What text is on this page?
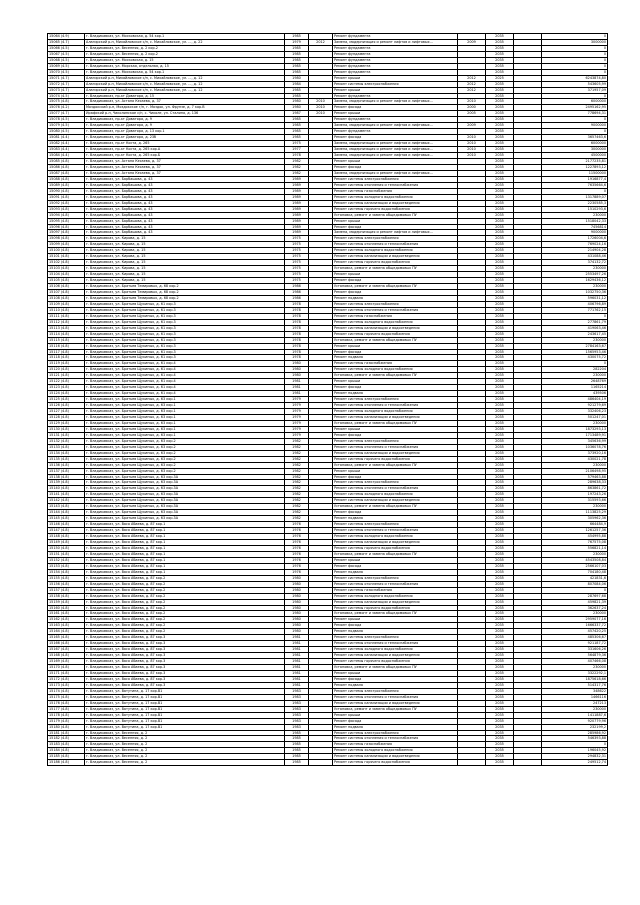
15064 (4.9)	г. Владикавказ, ул. Московская, д. 54 кор.1	1985		Ремонт фундамента		2035		0
15065 (4.7)	Алагирский р-н, Михайловское с/п, с. Михайловское, ул. ..., д. 22	1979	2012	Замена, модернизация и ремонт лифтов и лифтовых...	2009	2035		3000000
15066 (4.5)	г. Владикавказ, ул. Весенняя, д. 2 кор.2	1985		Ремонт фундамента		2035		0
15067 (4.5)	г. Владикавказ, ул. Весенняя, д. 2 кор.2	1985		Ремонт фундамента		2035		0
15068 (4.5)	г. Владикавказ, ул. Московская, д. 15	1985		Ремонт фундамента		2035		0
15069 (4.5)	г. Владикавказ, ул. Морская, отдельная, д. 15	1985		Ремонт фундамента		2035		0
15070 (4.5)	г. Владикавказ, ул. Московская, д. 54 кор.1	1985		Ремонт фундамента		2035		0
15071 (4.7)	Алагирский р-н, Михайловское с/п, с. Михайловское, ул. ..., д. 12	1980		Ремонт крыши	2012	2025		6243874,80
15072 (4.7)	Алагирский р-н, Михайловское с/п, с. Михайловское, ул. ..., д. 12	1984		Ремонт системы электроснабжения	2012	2035		543605,99
15073 (4.7)	Алагирский р-н, Михайловское с/п, с. Михайловское, ул. ..., д. 12	1985		Ремонт крыши	2012	2035		371957,09
15074 (4.5)	г. Владикавказ, пр-кт Доватора, д. 15	1985		Ремонт фундамента		2035		0
15075 (4.8)	г. Владикавказ, ул. Астана Кесаева, д. 37	1980	2010	Замена, модернизация и ремонт лифтов и лифтовых...	2010	2035		6000000
15076 (4.2)	Моздокский р-н, Моздокское г/п, г. Моздок, ул. Фрунзе, д. 7 кор.В	1980	2010	Ремонт фасада	2000	2035		2495162,95
15077 (4.7)	Ирафский р-н, Чиколинское с/п, с. Чиколе, ул. Сталина, д. 136	1987	2010	Ремонт крыши	2005	2035		778694,31
15078 (4.5)	г. Владикавказ, пр-кт Доватора, д. 9	1985		Ремонт фундамента		2035		0
15079 (4.5)	г. Владикавказ, пр-кт Доватора, д. 9	1985		Замена, модернизация и ремонт лифтов и лифтовых...	2009	2035		9000000
15080 (4.5)	г. Владикавказ, пр-кт Доватора, д. 13 кор.1	1985		Ремонт фундамента		2035		0
15081 (4.4)	г. Владикавказ, пр-кт Доватора, д. 23б	1985		Ремонт фасада	2010	2035		3657463,6
15082 (4.4)	г. Владикавказ, пр-кт Коста, д. 265	1975		Замена, модернизация и ремонт лифтов и лифтовых...	2010	2035		6000000
15083 (4.4)	г. Владикавказ, пр-кт Коста, д. 265 кор.А	1977		Замена, модернизация и ремонт лифтов и лифтовых...	2010	2035		3000000
15084 (4.4)	г. Владикавказ, пр-кт Коста, д. 265 кор.Б	1978		Замена, модернизация и ремонт лифтов и лифтовых...	2010	2035		4500000
15085 (4.8)	г. Владикавказ, ул. Астана Кесаева, д. 37	1982		Ремонт крыши		2035		2177235,81
15086 (4.8)	г. Владикавказ, ул. Астана Кесаева, д. 37	1982		Ремонт фасада		2035		1227893,12
15087 (4.8)	г. Владикавказ, ул. Астана Кесаева, д. 37	1982		Замена, модернизация и ремонт лифтов и лифтовых...		2035		11500000
15088 (4.8)	г. Владикавказ, ул. Барбашова, д. 43	1989		Ремонт системы электроснабжения		2035		1916877,4
15089 (4.8)	г. Владикавказ, ул. Барбашова, д. 43	1989		Ремонт системы отопления и теплоснабжения		2035		7635664,6
15090 (4.8)	г. Владикавказ, ул. Барбашова, д. 43	1989		Ремонт системы газоснабжения		2035		0
15091 (4.8)	г. Владикавказ, ул. Барбашова, д. 43	1989		Ремонт системы холодного водоснабжения		2035		1317889,07
15092 (4.8)	г. Владикавказ, ул. Барбашова, д. 43	1989		Ремонт системы канализации и водоотведения		2035		2230585,3
15093 (4.8)	г. Владикавказ, ул. Барбашова, д. 43	1989		Ремонт системы горячего водоснабжения		2035		1510293,6
15094 (4.8)	г. Владикавказ, ул. Барбашова, д. 43	1989		Установка, ремонт и замена общедомовых ПУ		2035		230000
15095 (4.8)	г. Владикавказ, ул. Барбашова, д. 43	1989		Ремонт крыши		2035		1518042,33
15096 (4.8)	г. Владикавказ, ул. Барбашова, д. 43	1989		Ремонт фасада		2035		7456814
15097 (4.8)	г. Владикавказ, ул. Барбашова, д. 43	1989		Замена, модернизация и ремонт лифтов и лифтовых...		2035		9000000
15098 (4.8)	г. Владикавказ, ул. Кирова, д. 15	1975		Ремонт системы электроснабжения		2035		1726004,6
15099 (4.8)	г. Владикавказ, ул. Кирова, д. 15	1975		Ремонт системы отопления и теплоснабжения		2035		769024,16
15100 (4.8)	г. Владикавказ, ул. Кирова, д. 15	1975		Ремонт системы холодного водоснабжения		2035		214904,28
15101 (4.8)	г. Владикавказ, ул. Кирова, д. 15	1975		Ремонт системы канализации и водоотведения		2035		431088,46
15102 (4.8)	г. Владикавказ, ул. Кирова, д. 15	1975		Ремонт системы горячего водоснабжения		2035		374132,72
15103 (4.8)	г. Владикавказ, ул. Кирова, д. 15	1975		Установка, ремонт и замена общедомовых ПУ		2035		230000
15104 (4.8)	г. Владикавказ, ул. Кирова, д. 15	1975		Ремонт крыши		2035		2553497,26
15105 (4.8)	г. Владикавказ, ул. Кирова, д. 15	1975		Ремонт фасада		2035		1629436,12
15106 (4.8)	г. Владикавказ, ул. Братьев Темировых, д. 68 кор.2	1986		Установка, ремонт и замена общедомовых ПУ		2035		230000
15107 (4.8)	г. Владикавказ, ул. Братьев Темировых, д. 68 кор.2	1986		Ремонт фасада		2035		1032750,36
15108 (4.8)	г. Владикавказ, ул. Братьев Темировых, д. 68 кор.2	1986		Ремонт подвала		2035		596031,12
15109 (4.8)	г. Владикавказ, ул. Братьев Щукиных, д. 61 кор.3	1978		Ремонт системы электроснабжения		2035		406796,89
15110 (4.8)	г. Владикавказ, ул. Братьев Щукиных, д. 61 кор.3	1978		Ремонт системы отопления и теплоснабжения		2035		771762,15
15111 (4.8)	г. Владикавказ, ул. Братьев Щукиных, д. 61 кор.3	1978		Ремонт системы газоснабжения		2035		0
15112 (4.8)	г. Владикавказ, ул. Братьев Щукиных, д. 61 кор.3	1978		Ремонт системы холодного водоснабжения		2035		277861,79
15113 (4.8)	г. Владикавказ, ул. Братьев Щукиных, д. 61 кор.3	1978		Ремонт системы канализации и водоотведения		2035		419063,46
15114 (4.8)	г. Владикавказ, ул. Братьев Щукиных, д. 61 кор.3	1978		Ремонт системы горячего водоснабжения		2035		243617,45
15115 (4.8)	г. Владикавказ, ул. Братьев Щукиных, д. 61 кор.3	1978		Установка, ремонт и замена общедомовых ПУ		2035		230000
15116 (4.8)	г. Владикавказ, ул. Братьев Щукиных, д. 61 кор.3	1978		Ремонт крыши		2035		2784163,67
15117 (4.8)	г. Владикавказ, ул. Братьев Щукиных, д. 61 кор.3	1978		Ремонт фасада		2035		1565953,46
15118 (4.8)	г. Владикавказ, ул. Братьев Щукиных, д. 61 кор.3	1978		Ремонт подвала		2035		430075,72
15119 (4.8)	г. Владикавказ, ул. Братьев Щукиных, д. 61 кор.4	1980		Ремонт системы газоснабжения		2035		0
15120 (4.8)	г. Владикавказ, ул. Братьев Щукиных, д. 61 кор.4	1980		Ремонт системы холодного водоснабжения		2035		282204
15121 (4.8)	г. Владикавказ, ул. Братьев Щукиных, д. 61 кор.4	1980		Установка, ремонт и замена общедомовых ПУ		2035		230000
15122 (4.8)	г. Владикавказ, ул. Братьев Щукиных, д. 61 кор.4	1981		Ремонт крыши		2035		2648769
15123 (4.8)	г. Владикавказ, ул. Братьев Щукиных, д. 61 кор.4	1981		Ремонт фасада		2035		1165214
15124 (4.8)	г. Владикавказ, ул. Братьев Щукиных, д. 61 кор.4	1981		Ремонт подвала		2035		439506
15125 (4.8)	г. Владикавказ, ул. Братьев Щукиных, д. 63 кор.1	1979		Ремонт системы электроснабжения		2035		486404,19
15126 (4.8)	г. Владикавказ, ул. Братьев Щукиных, д. 63 кор.1	1979		Ремонт системы отопления и теплоснабжения		2035		921279,69
15127 (4.8)	г. Владикавказ, ул. Братьев Щукиных, д. 63 кор.1	1979		Ремонт системы холодного водоснабжения		2035		332406,23
15128 (4.8)	г. Владикавказ, ул. Братьев Щукиных, д. 63 кор.1	1979		Ремонт системы канализации и водоотведения		2035		501247,01
15129 (4.8)	г. Владикавказ, ул. Братьев Щукиных, д. 63 кор.1	1979		Установка, ремонт и замена общедомовых ПУ		2035		230000
15130 (4.8)	г. Владикавказ, ул. Братьев Щукиных, д. 63 кор.1	1979		Ремонт крыши		2035		1873293,13
15131 (4.8)	г. Владикавказ, ул. Братьев Щукиных, д. 63 кор.1	1979		Ремонт фасада		2035		1713489,91
15132 (4.8)	г. Владикавказ, ул. Братьев Щукиных, д. 63 кор.2	1982		Ремонт системы электроснабжения		2035		345636,99
15133 (4.8)	г. Владикавказ, ул. Братьев Щукиных, д. 63 кор.2	1982		Ремонт системы отопления и теплоснабжения		2035		1036078,76
15134 (4.8)	г. Владикавказ, ул. Братьев Щукиных, д. 63 кор.2	1982		Ремонт системы канализации и водоотведения		2035		373920,16
15135 (4.8)	г. Владикавказ, ул. Братьев Щукиных, д. 63 кор.2	1982		Ремонт системы горячего водоснабжения		2035		430021,78
15136 (4.8)	г. Владикавказ, ул. Братьев Щукиных, д. 63 кор.2	1982		Установка, ремонт и замена общедомовых ПУ		2035		230000
15137 (4.8)	г. Владикавказ, ул. Братьев Щукиных, д. 63 кор.2	1982		Ремонт крыши		2035		2106498,95
15138 (4.8)	г. Владикавказ, ул. Братьев Щукиных, д. 63 кор.3А	1982		Ремонт фасада		2035		579463,88
15139 (4.8)	г. Владикавказ, ул. Братьев Щукиных, д. 63 кор.3А	1982		Ремонт системы электроснабжения		2035		289638,33
15140 (4.8)	г. Владикавказ, ул. Братьев Щукиных, д. 63 кор.3А	1982		Ремонт системы отопления и теплоснабжения		2035		863861,72
15141 (4.8)	г. Владикавказ, ул. Братьев Щукиных, д. 63 кор.3А	1982		Ремонт системы холодного водоснабжения		2035		197243,26
15142 (4.8)	г. Владикавказ, ул. Братьев Щукиных, д. 63 кор.3А	1982		Ремонт системы канализации и водоотведения		2035		315593,66
15143 (4.8)	г. Владикавказ, ул. Братьев Щукиных, д. 63 кор.3А	1982		Установка, ремонт и замена общедомовых ПУ		2035		230000
15144 (4.8)	г. Владикавказ, ул. Братьев Щукиных, д. 63 кор.3А	1982		Ремонт фасада		2035		1113825,29
15145 (4.8)	г. Владикавказ, ул. Братьев Щукиных, д. 63 кор.3А	1982		Ремонт подвала		2035		305962,36
15146 (4.8)	г. Владикавказ, ул. Васо Абаева, д. 87 кор.1	1976		Ремонт системы электроснабжения		2035		664484,9
15147 (4.8)	г. Владикавказ, ул. Васо Абаева, д. 87 кор.1	1976		Ремонт системы отопления и теплоснабжения		2035		1261257,36
15148 (4.8)	г. Владикавказ, ул. Васо Абаева, д. 87 кор.1	1976		Ремонт системы холодного водоснабжения		2035		454995,88
15149 (4.8)	г. Владикавказ, ул. Васо Абаева, д. 87 кор.1	1976		Ремонт системы канализации и водоотведения		2035		767575,08
15150 (4.8)	г. Владикавказ, ул. Васо Абаева, д. 87 кор.1	1976		Ремонт системы горячего водоснабжения		2035		556821,14
15151 (4.8)	г. Владикавказ, ул. Васо Абаева, д. 87 кор.1	1976		Установка, ремонт и замена общедомовых ПУ		2035		230000
15152 (4.8)	г. Владикавказ, ул. Васо Абаева, д. 87 кор.1	1976		Ремонт крыши		2035		4543508,84
15153 (4.8)	г. Владикавказ, ул. Васо Абаева, д. 87 кор.1	1976		Ремонт фасада		2035		2566107,03
15154 (4.8)	г. Владикавказ, ул. Васо Абаева, д. 87 кор.1	1976		Ремонт подвала		2035		704180,48
15155 (4.8)	г. Владикавказ, ул. Васо Абаева, д. 87 кор.2	1980		Ремонт системы электроснабжения		2035		421831,6
15156 (4.8)	г. Владикавказ, ул. Васо Абаева, д. 87 кор.2	1980		Ремонт системы отопления и теплоснабжения		2035		807084,06
15157 (4.8)	г. Владикавказ, ул. Васо Абаева, д. 87 кор.2	1980		Ремонт системы газоснабжения		2035		0
15158 (4.8)	г. Владикавказ, ул. Васо Абаева, д. 87 кор.2	1980		Ремонт системы холодного водоснабжения		2035		287697,68
15159 (4.8)	г. Владикавказ, ул. Васо Абаева, д. 87 кор.2	1980		Ремонт системы канализации и водоотведения		2035		459821,39
15160 (4.8)	г. Владикавказ, ул. Васо Абаева, д. 87 кор.2	1980		Ремонт системы горячего водоснабжения		2035		362637,24
15161 (4.8)	г. Владикавказ, ул. Васо Абаева, д. 87 кор.2	1980		Установка, ремонт и замена общедомовых ПУ		2035		230000
15162 (4.8)	г. Владикавказ, ул. Васо Абаева, д. 87 кор.2	1980		Ремонт крыши		2035		2959077,16
15163 (4.8)	г. Владикавказ, ул. Васо Абаева, д. 87 кор.2	1980		Ремонт фасада		2035		1666337,72
15164 (4.8)	г. Владикавказ, ул. Васо Абаева, д. 87 кор.2	1980		Ремонт подвала		2035		457420,25
15165 (4.8)	г. Владикавказ, ул. Васо Абаева, д. 87 кор.3	1981		Ремонт системы электроснабжения		2035		485306,67
15166 (4.8)	г. Владикавказ, ул. Васо Абаева, д. 87 кор.3	1981		Ремонт системы отопления и теплоснабжения		2035		921187,72
15167 (4.8)	г. Владикавказ, ул. Васо Абаева, д. 87 кор.3	1981		Ремонт системы холодного водоснабжения		2035		331606,26
15168 (4.8)	г. Владикавказ, ул. Васо Абаева, д. 87 кор.3	1981		Ремонт системы канализации и водоотведения		2035		564879,36
15169 (4.8)	г. Владикавказ, ул. Васо Абаева, д. 87 кор.3	1981		Ремонт системы горячего водоснабжения		2035		407466,08
15170 (4.8)	г. Владикавказ, ул. Васо Абаева, д. 87 кор.3	1981		Установка, ремонт и замена общедомовых ПУ		2035		230000
15171 (4.8)	г. Владикавказ, ул. Васо Абаева, д. 87 кор.3	1981		Ремонт крыши		2035		3322292,1
15172 (4.8)	г. Владикавказ, ул. Васо Абаева, д. 87 кор.3	1981		Ремонт фасада		2035		1875618,66
15173 (4.8)	г. Владикавказ, ул. Васо Абаева, д. 87 кор.3	1981		Ремонт подвала		2035		514317,76
15174 (4.8)	г. Владикавказ, ул. Ватутина, д. 17 кор.В1	1983		Ремонт системы электроснабжения		2035		348622
15175 (4.8)	г. Владикавказ, ул. Ватутина, д. 17 кор.В1	1983		Ремонт системы отопления и теплоснабжения		2035		1466116
15176 (4.8)	г. Владикавказ, ул. Ватутина, д. 17 кор.В1	1983		Ремонт системы канализации и водоотведения		2035		247213
15177 (4.8)	г. Владикавказ, ул. Ватутина, д. 17 кор.В1	1983		Установка, ремонт и замена общедомовых ПУ		2035		230000
15178 (4.8)	г. Владикавказ, ул. Ватутина, д. 17 кор.В1	1983		Ремонт крыши		2035		1411887,6
15179 (4.8)	г. Владикавказ, ул. Ватутина, д. 17 кор.В1	1983		Ремонт фасада		2035		920779,96
15180 (4.8)	г. Владикавказ, ул. Ватутина, д. 17 кор.В1	1983		Ремонт подвала		2035		232199,2
15181 (4.8)	г. Владикавказ, ул. Весенняя, д. 2	1985		Ремонт системы электроснабжения		2035		285986,92
15182 (4.8)	г. Владикавказ, ул. Весенняя, д. 2	1985		Ремонт системы отопления и теплоснабжения		2035		546393,88
15183 (4.8)	г. Владикавказ, ул. Весенняя, д. 2	1985		Ремонт системы газоснабжения		2035		0
15184 (4.8)	г. Владикавказ, ул. Весенняя, д. 2	1985		Ремонт системы холодного водоснабжения		2035		196045,92
15185 (4.8)	г. Владикавказ, ул. Весенняя, д. 2	1985		Ремонт системы канализации и водоотведения		2035		294832,31
15186 (4.8)	г. Владикавказ, ул. Весенняя, д. 2	1985		Ремонт системы горячего водоснабжения		2035		249512,74
